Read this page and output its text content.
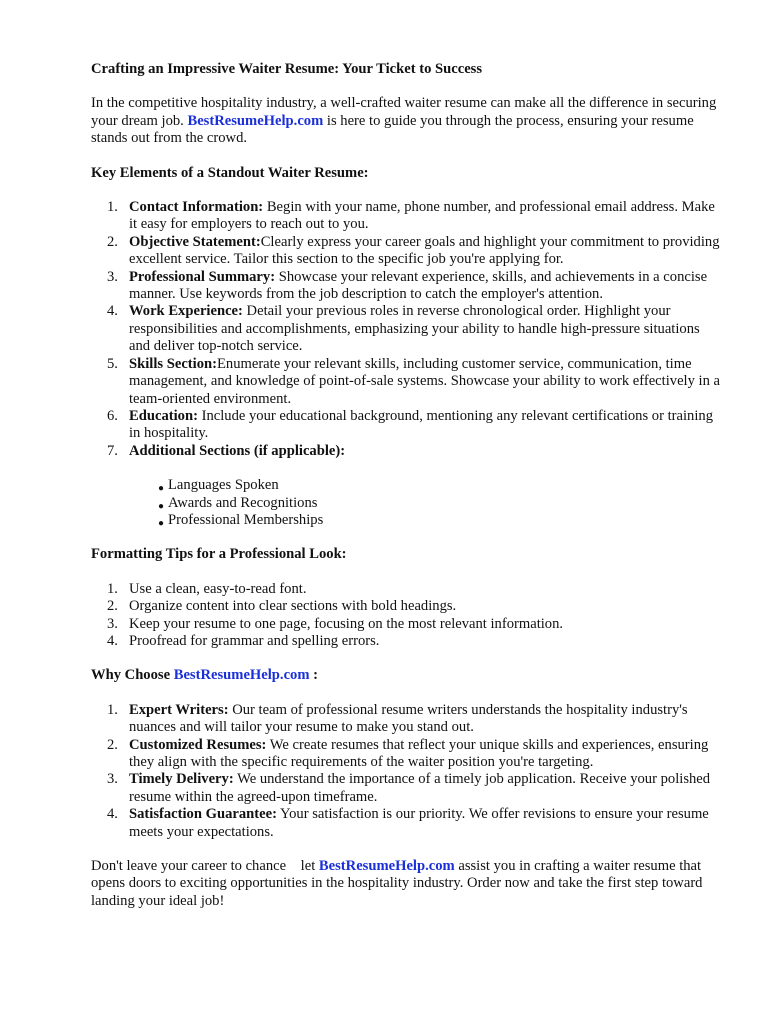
Crafting an Impressive Waiter Resume: Your Ticket to Success

In the competitive hospitality industry, a well-crafted waiter resume can make all the difference in securing your dream job. BestResumeHelp.com is here to guide you through the process, ensuring your resume stands out from the crowd.

Key Elements of a Standout Waiter Resume:
1. Contact Information: Begin with your name, phone number, and professional email address. Make it easy for employers to reach out to you.
2. Objective Statement:Clearly express your career goals and highlight your commitment to providing excellent service. Tailor this section to the specific job you're applying for.
3. Professional Summary: Showcase your relevant experience, skills, and achievements in a concise manner. Use keywords from the job description to catch the employer's attention.
4. Work Experience: Detail your previous roles in reverse chronological order. Highlight your responsibilities and accomplishments, emphasizing your ability to handle high-pressure situations and deliver top-notch service.
5. Skills Section:Enumerate your relevant skills, including customer service, communication, time management, and knowledge of point-of-sale systems. Showcase your ability to work effectively in a team-oriented environment.
6. Education: Include your educational background, mentioning any relevant certifications or training in hospitality.
7. Additional Sections (if applicable):
● Languages Spoken
● Awards and Recognitions
● Professional Memberships
Formatting Tips for a Professional Look:
1. Use a clean, easy-to-read font.
2. Organize content into clear sections with bold headings.
3. Keep your resume to one page, focusing on the most relevant information.
4. Proofread for grammar and spelling errors.
Why Choose BestResumeHelp.com :
1. Expert Writers: Our team of professional resume writers understands the hospitality industry's nuances and will tailor your resume to make you stand out.
2. Customized Resumes: We create resumes that reflect your unique skills and experiences, ensuring they align with the specific requirements of the waiter position you're targeting.
3. Timely Delivery: We understand the importance of a timely job application. Receive your polished resume within the agreed-upon timeframe.
4. Satisfaction Guarantee: Your satisfaction is our priority. We offer revisions to ensure your resume meets your expectations.

Don't leave your career to chance    let BestResumeHelp.com assist you in crafting a waiter resume that opens doors to exciting opportunities in the hospitality industry. Order now and take the first step toward landing your ideal job!
